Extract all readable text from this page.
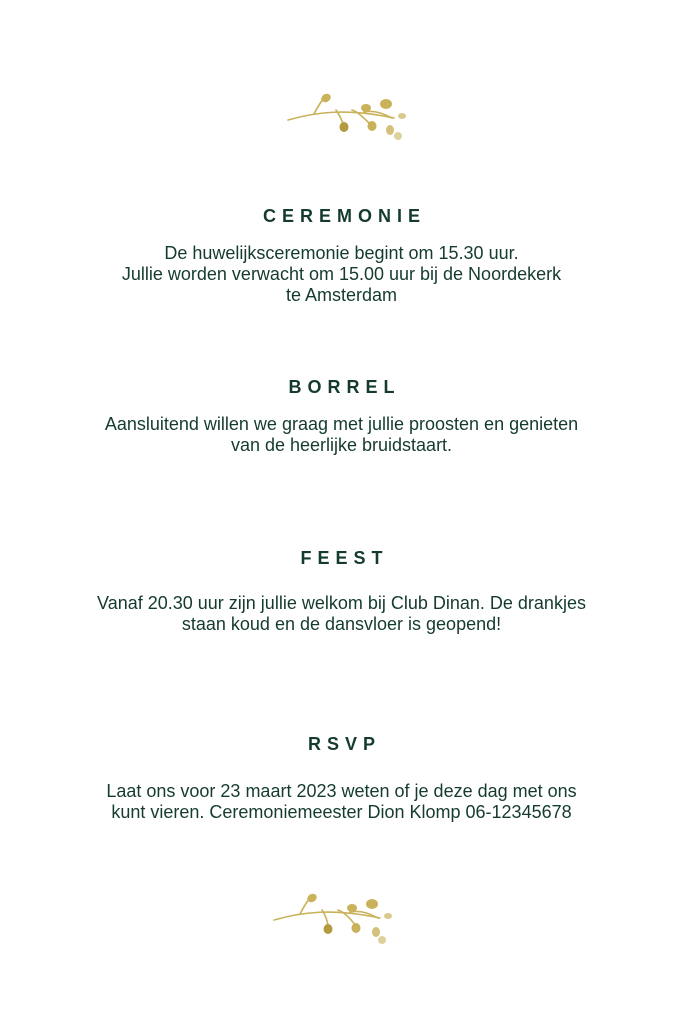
CEREMONIE

De huwelijksceremonie begint om 15.30 uur.
Jullie worden verwacht om 15.00 uur bij de Noordekerk
te Amsterdam

BORREL

Aansluitend willen we graag met jullie proosten en genieten
van de heerlijke bruidstaart.

FEEST

Vanaf 20.30 uur zijn jullie welkom bij Club Dinan. De drankjes
staan koud en de dansvloer is geopend!

RSVP

Laat ons voor 23 maart 2023 weten of je deze dag met ons
kunt vieren. Ceremoniemeester Dion Klomp 06-12345678
